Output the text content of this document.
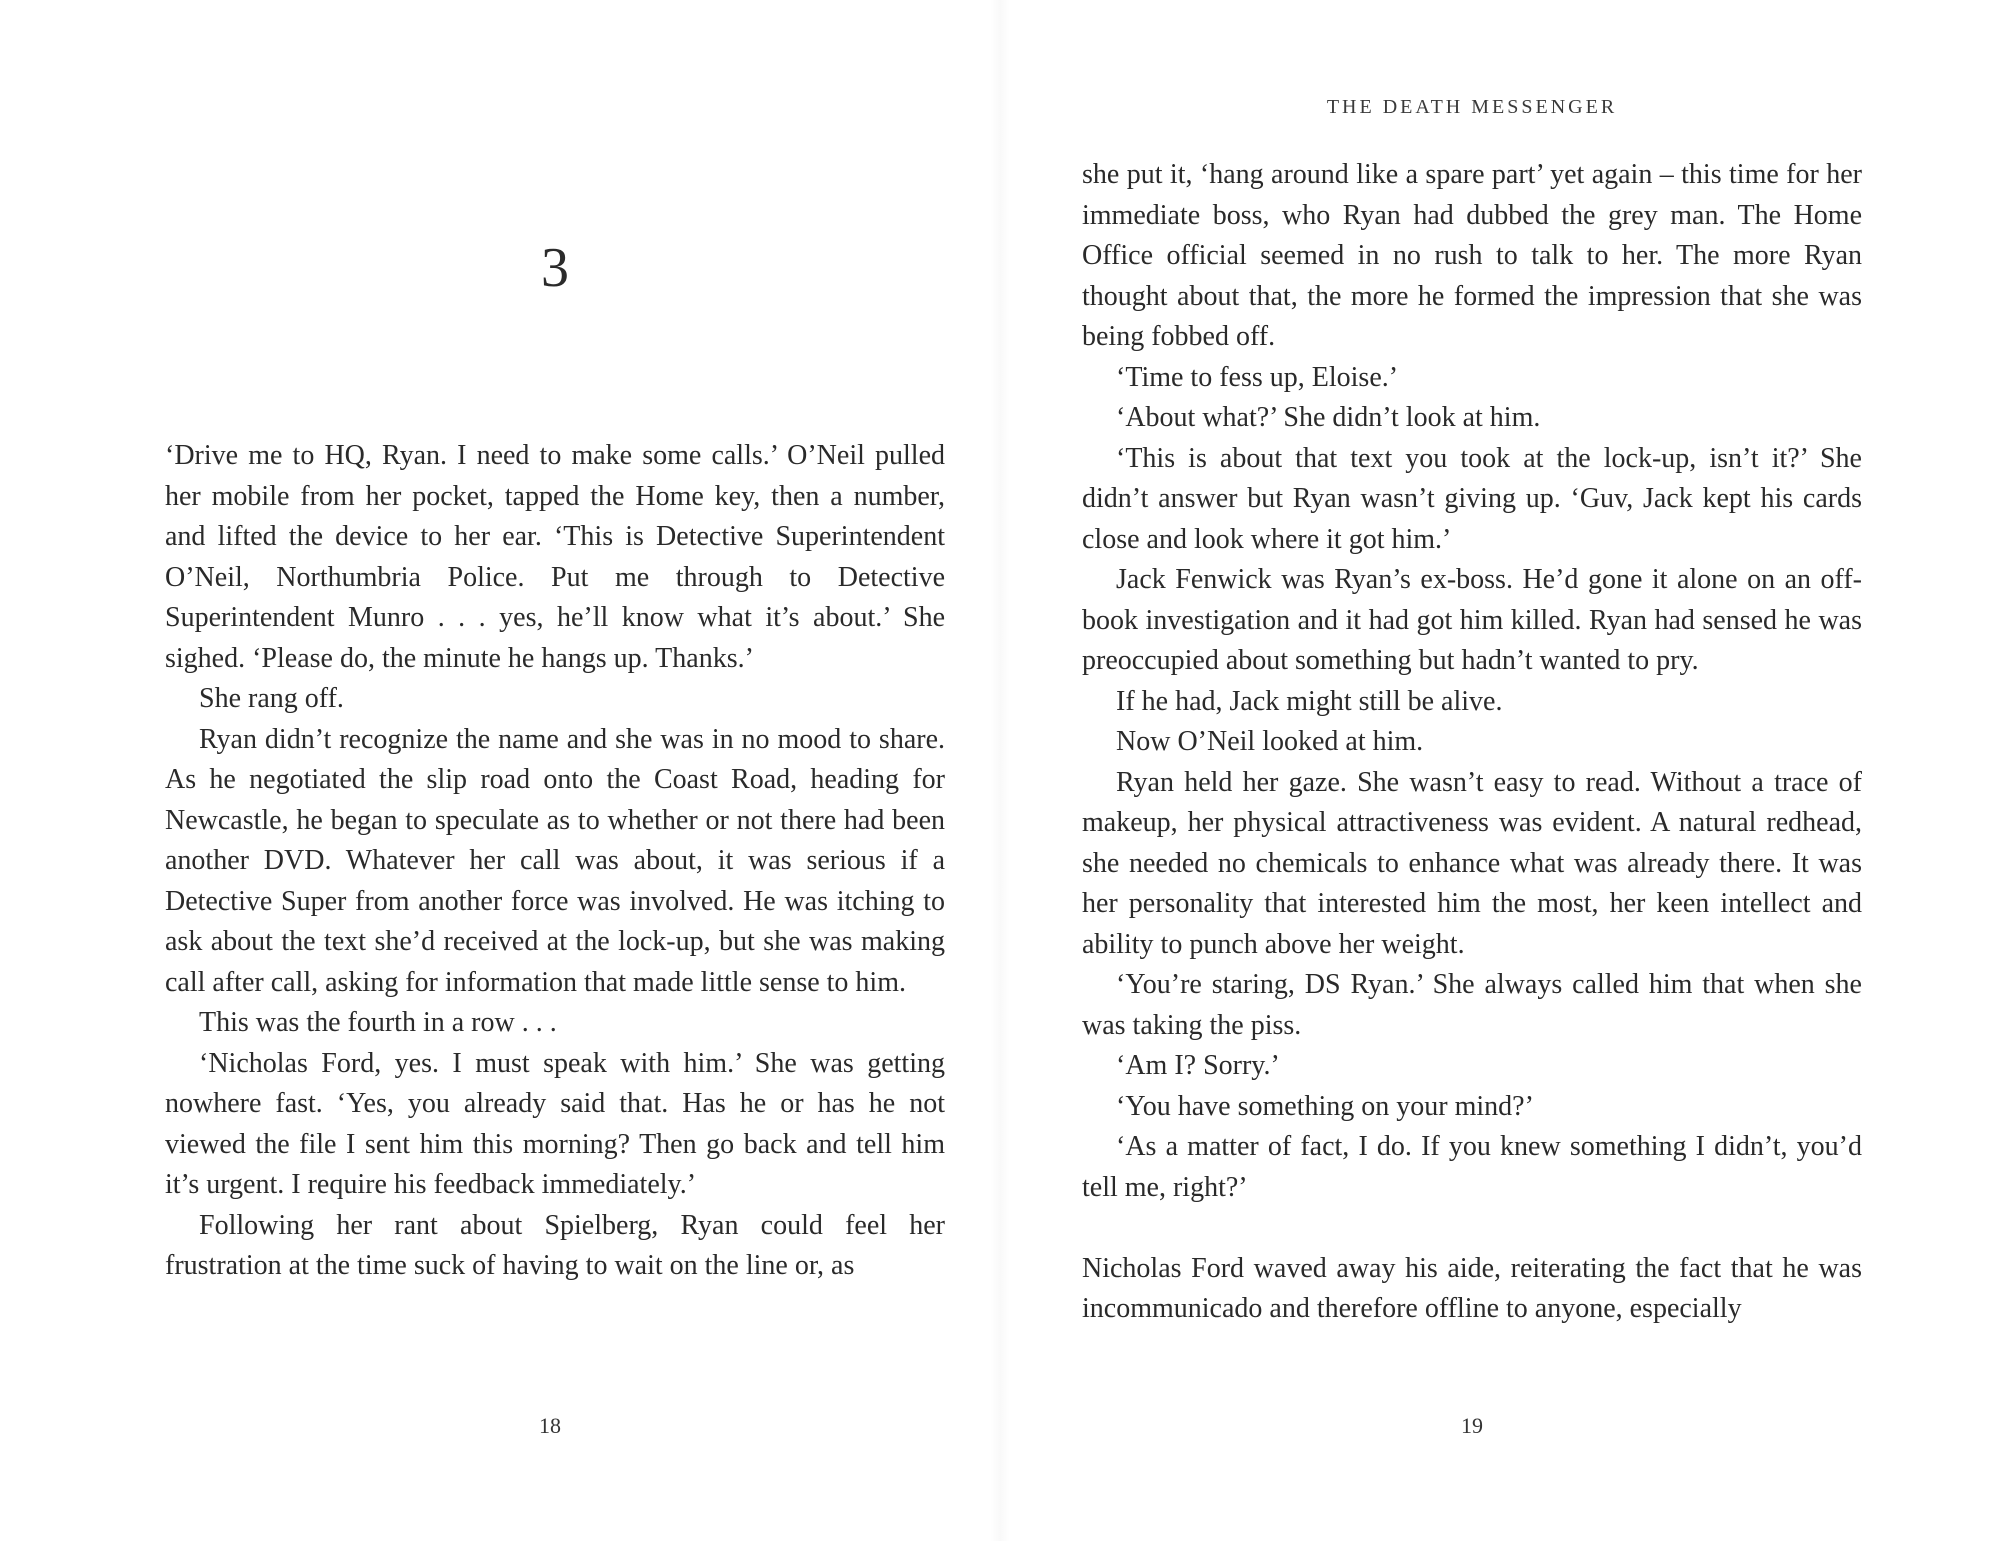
3

‘Drive me to HQ, Ryan. I need to make some calls.’ O’Neil pulled her mobile from her pocket, tapped the Home key, then a number, and lifted the device to her ear. ‘This is Detective Superintendent O’Neil, Northumbria Police. Put me through to Detective Superintendent Munro . . . yes, he’ll know what it’s about.’ She sighed. ‘Please do, the minute he hangs up. Thanks.’

She rang off.

Ryan didn’t recognize the name and she was in no mood to share. As he negotiated the slip road onto the Coast Road, heading for Newcastle, he began to speculate as to whether or not there had been another DVD. Whatever her call was about, it was serious if a Detective Super from another force was involved. He was itching to ask about the text she’d received at the lock-up, but she was making call after call, asking for information that made little sense to him.

This was the fourth in a row . . .

‘Nicholas Ford, yes. I must speak with him.’ She was getting nowhere fast. ‘Yes, you already said that. Has he or has he not viewed the file I sent him this morning? Then go back and tell him it’s urgent. I require his feedback immediately.’

Following her rant about Spielberg, Ryan could feel her frustration at the time suck of having to wait on the line or, as

18
THE DEATH MESSENGER

she put it, ‘hang around like a spare part’ yet again – this time for her immediate boss, who Ryan had dubbed the grey man. The Home Office official seemed in no rush to talk to her. The more Ryan thought about that, the more he formed the impression that she was being fobbed off.

‘Time to fess up, Eloise.’

‘About what?’ She didn’t look at him.

‘This is about that text you took at the lock-up, isn’t it?’ She didn’t answer but Ryan wasn’t giving up. ‘Guv, Jack kept his cards close and look where it got him.’

Jack Fenwick was Ryan’s ex-boss. He’d gone it alone on an off-book investigation and it had got him killed. Ryan had sensed he was preoccupied about something but hadn’t wanted to pry.

If he had, Jack might still be alive.

Now O’Neil looked at him.

Ryan held her gaze. She wasn’t easy to read. Without a trace of makeup, her physical attractiveness was evident. A natural redhead, she needed no chemicals to enhance what was already there. It was her personality that interested him the most, her keen intellect and ability to punch above her weight.

‘You’re staring, DS Ryan.’ She always called him that when she was taking the piss.

‘Am I? Sorry.’

‘You have something on your mind?’

‘As a matter of fact, I do. If you knew something I didn’t, you’d tell me, right?’

Nicholas Ford waved away his aide, reiterating the fact that he was incommunicado and therefore offline to anyone, especially

19
